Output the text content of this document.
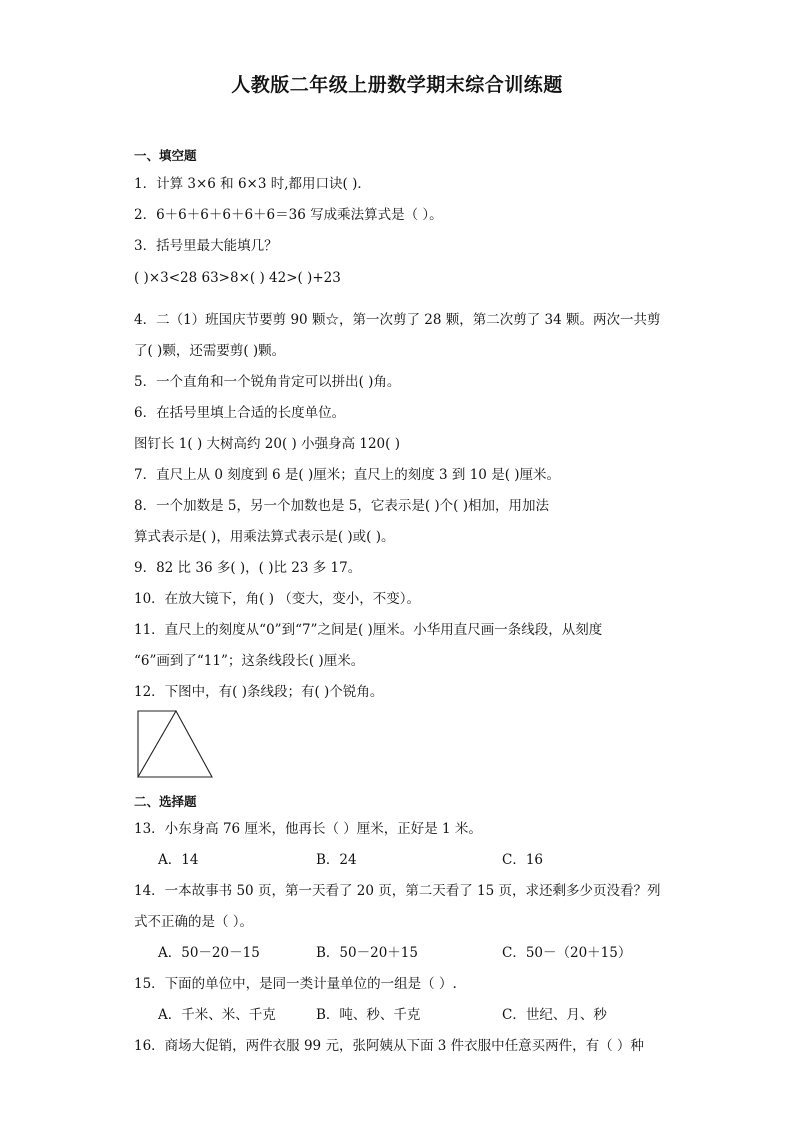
人教版二年级上册数学期末综合训练题
一、填空题
1．计算 3×6 和 6×3 时,都用口诀( )．
2．6＋6＋6＋6＋6＋6＝36 写成乘法算式是（ ）。
3．括号里最大能填几？
( )×3<28 63>8×( ) 42>( )+23
4．二（1）班国庆节要剪 90 颗☆，第一次剪了 28 颗，第二次剪了 34 颗。两次一共剪
了( )颗，还需要剪( )颗。
5．一个直角和一个锐角肯定可以拼出( )角。
6．在括号里填上合适的长度单位。
图钉长 1( ) 大树高约 20( ) 小强身高 120( )
7．直尺上从 0 刻度到 6 是( )厘米；直尺上的刻度 3 到 10 是( )厘米。
8．一个加数是 5，另一个加数也是 5，它表示是( )个( )相加，用加法
算式表示是( )，用乘法算式表示是( )或( )。
9．82 比 36 多( )，( )比 23 多 17。
10．在放大镜下，角( ) （变大，变小，不变）。
11．直尺上的刻度从“0”到“7”之间是( )厘米。小华用直尺画一条线段，从刻度
“6”画到了“11”；这条线段长( )厘米。
12．下图中，有( )条线段；有( )个锐角。
二、选择题
13．小东身高 76 厘米，他再长（ ）厘米，正好是 1 米。
A．14	B．24	C．16
14．一本故事书 50 页，第一天看了 20 页，第二天看了 15 页，求还剩多少页没看？列
式不正确的是（ ）。
A．50－20－15	B．50－20＋15	C．50－（20＋15）
15．下面的单位中，是同一类计量单位的一组是（ ）.
A．千米、米、千克	B．吨、秒、千克	C．世纪、月、秒
16．商场大促销，两件衣服 99 元，张阿姨从下面 3 件衣服中任意买两件，有（ ）种
